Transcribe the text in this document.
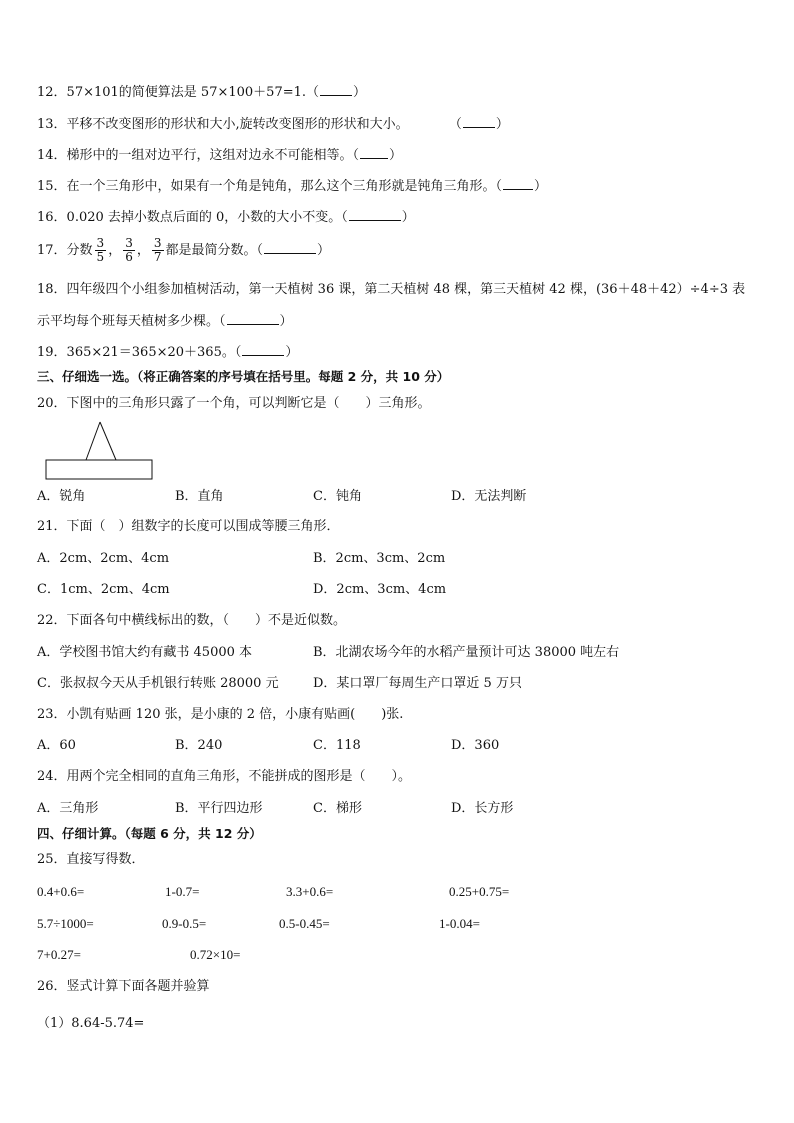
12．57×101的简便算法是 57×100＋57=1.（	）
13．平移不改变图形的形状和大小,旋转改变图形的形状和大小。	（	）
14．梯形中的一组对边平行，这组对边永不可能相等。（ ）
15．在一个三角形中，如果有一个角是钝角，那么这个三角形就是钝角三角形。（ ）
16．0.020 去掉小数点后面的 0，小数的大小不变。（	）
17．分数 $\frac{3}{5}$ ， $\frac{3}{6}$ ， $\frac{3}{7}$ 都是最简分数。（	）
18．四年级四个小组参加植树活动，第一天植树 36 课，第二天植树 48 棵，第三天植树 42 棵，(36＋48＋42）÷4÷3 表
示平均每个班每天植树多少棵。（	）
19．365×21＝365×20＋365。（	）
三、仔细选一选。（将正确答案的序号填在括号里。每题 2 分，共 10 分）
20．下图中的三角形只露了一个角，可以判断它是（　　）三角形。
A．锐角	B．直角	C．钝角	D．无法判断
21．下面（　）组数字的长度可以围成等腰三角形．
A．2cm、2cm、4cm	B．2cm、3cm、2cm
C．1cm、2cm、4cm	D．2cm、3cm、4cm
22．下面各句中横线标出的数，（　　）不是近似数。
A．学校图书馆大约有藏书 45000 本	B．北湖农场今年的水稻产量预计可达 38000 吨左右
C．张叔叔今天从手机银行转账 28000 元	D．某口罩厂每周生产口罩近 5 万只
23．小凯有贴画 120 张，是小康的 2 倍，小康有贴画(　　)张.
A．60	B．240	C．118	D．360
24．用两个完全相同的直角三角形，不能拼成的图形是（　　）。
A．三角形	B．平行四边形	C．梯形	D．长方形
四、仔细计算。（每题 6 分，共 12 分）
25．直接写得数．
0.4+0.6=	1-0.7=	3.3+0.6=	0.25+0.75=
5.7÷1000=	0.9-0.5=	0.5-0.45=	1-0.04=
7+0.27=	0.72×10=
26．竖式计算下面各题并验算
（1）8.64-5.74=
